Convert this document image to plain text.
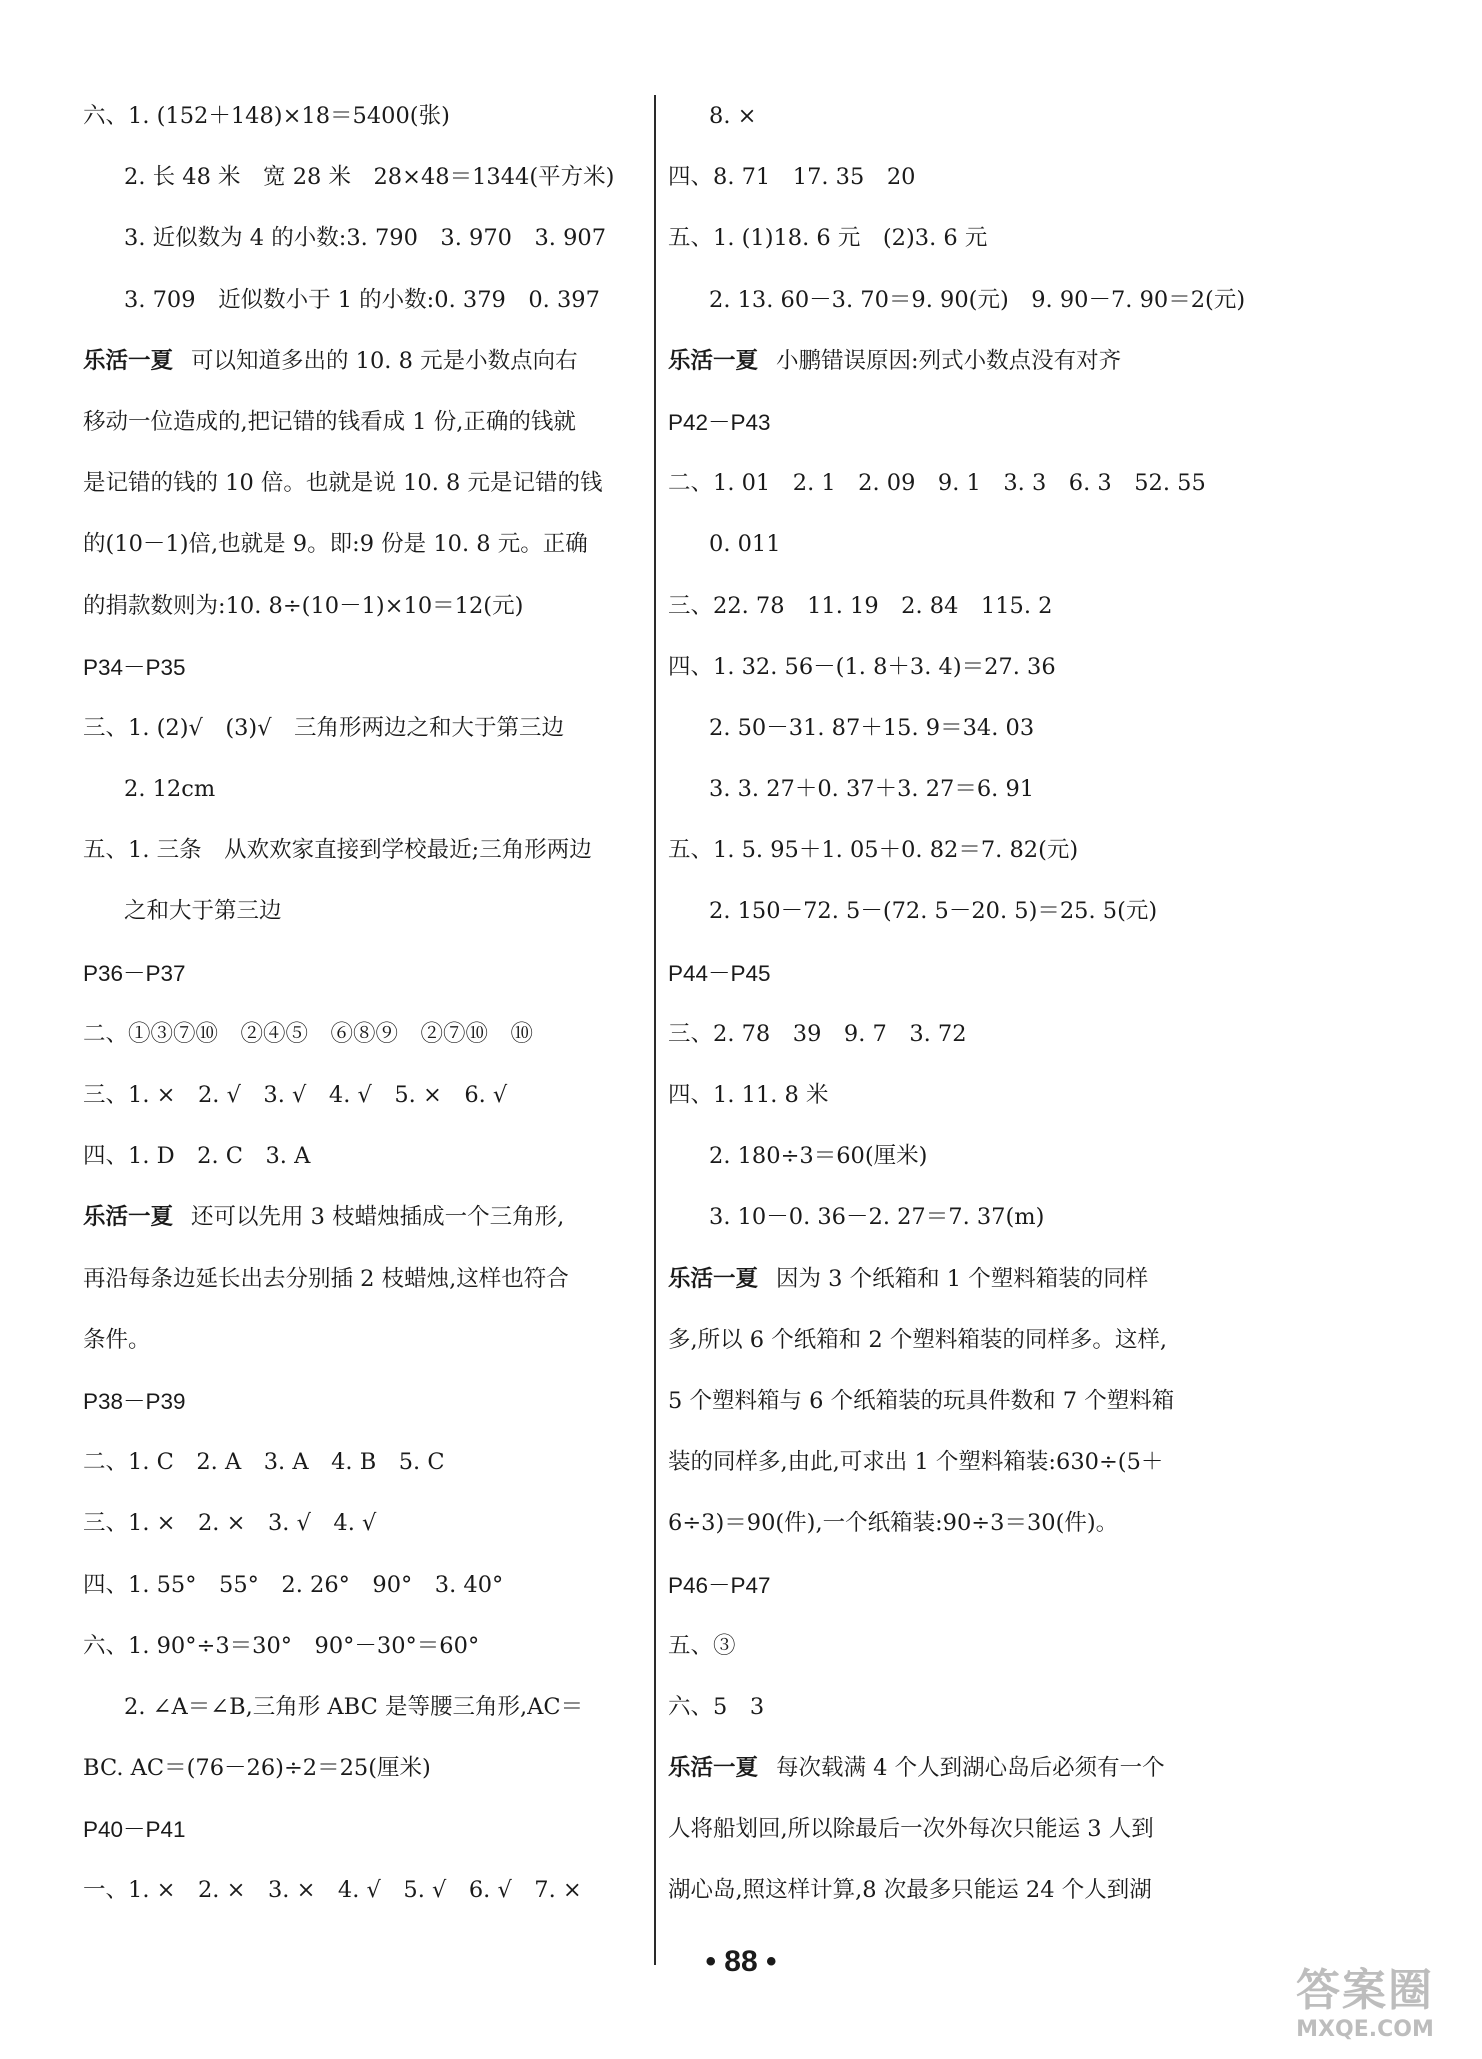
六、1. (152＋148)×18＝5400(张)
2. 长 48 米　宽 28 米　28×48＝1344(平方米)
3. 近似数为 4 的小数:3. 790　3. 970　3. 907
3. 709　近似数小于 1 的小数:0. 379　0. 397
乐活一夏 可以知道多出的 10. 8 元是小数点向右
移动一位造成的,把记错的钱看成 1 份,正确的钱就
是记错的钱的 10 倍。也就是说 10. 8 元是记错的钱
的(10－1)倍,也就是 9。即:9 份是 10. 8 元。正确
的捐款数则为:10. 8÷(10－1)×10＝12(元)
P34－P35
三、1. (2)√　(3)√　三角形两边之和大于第三边
2. 12cm
五、1. 三条　从欢欢家直接到学校最近;三角形两边
之和大于第三边
P36－P37
二、①③⑦⑩　②④⑤　⑥⑧⑨　②⑦⑩　⑩
三、1. ×　2. √　3. √　4. √　5. ×　6. √
四、1. D　2. C　3. A
乐活一夏 还可以先用 3 枝蜡烛插成一个三角形,
再沿每条边延长出去分别插 2 枝蜡烛,这样也符合
条件。
P38－P39
二、1. C　2. A　3. A　4. B　5. C
三、1. ×　2. ×　3. √　4. √
四、1. 55°　55°　2. 26°　90°　3. 40°
六、1. 90°÷3＝30°　90°－30°＝60°
2. ∠A＝∠B,三角形 ABC 是等腰三角形,AC＝
BC. AC＝(76－26)÷2＝25(厘米)
P40－P41
一、1. ×　2. ×　3. ×　4. √　5. √　6. √　7. ×
8. ×
四、8. 71　17. 35　20
五、1. (1)18. 6 元　(2)3. 6 元
2. 13. 60－3. 70＝9. 90(元)　9. 90－7. 90＝2(元)
乐活一夏 小鹏错误原因:列式小数点没有对齐
P42－P43
二、1. 01　2. 1　2. 09　9. 1　3. 3　6. 3　52. 55
0. 011
三、22. 78　11. 19　2. 84　115. 2
四、1. 32. 56－(1. 8＋3. 4)＝27. 36
2. 50－31. 87＋15. 9＝34. 03
3. 3. 27＋0. 37＋3. 27＝6. 91
五、1. 5. 95＋1. 05＋0. 82＝7. 82(元)
2. 150－72. 5－(72. 5－20. 5)＝25. 5(元)
P44－P45
三、2. 78　39　9. 7　3. 72
四、1. 11. 8 米
2. 180÷3＝60(厘米)
3. 10－0. 36－2. 27＝7. 37(m)
乐活一夏 因为 3 个纸箱和 1 个塑料箱装的同样
多,所以 6 个纸箱和 2 个塑料箱装的同样多。这样,
5 个塑料箱与 6 个纸箱装的玩具件数和 7 个塑料箱
装的同样多,由此,可求出 1 个塑料箱装:630÷(5＋
6÷3)＝90(件),一个纸箱装:90÷3＝30(件)。
P46－P47
五、③
六、5　3
乐活一夏 每次载满 4 个人到湖心岛后必须有一个
人将船划回,所以除最后一次外每次只能运 3 人到
湖心岛,照这样计算,8 次最多只能运 24 个人到湖
• 88 •
答案圈
MXQE.COM
